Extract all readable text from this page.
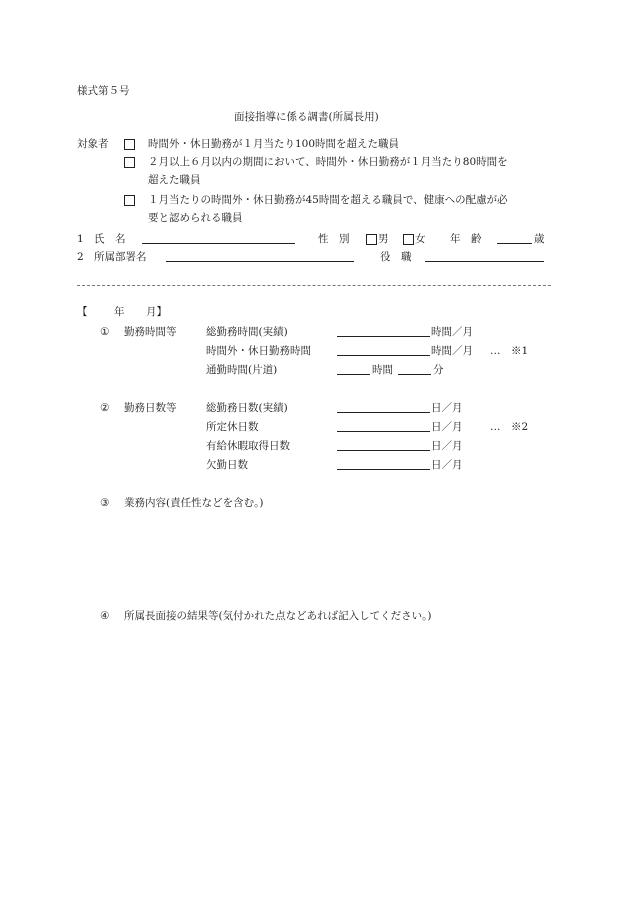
様式第５号
面接指導に係る調書(所属長用)
対象者	時間外・休日勤務が１月当たり100時間を超えた職員
２月以上６月以内の期間において、時間外・休日勤務が１月当たり80時間を
超えた職員
１月当たりの時間外・休日勤務が45時間を超える職員で、健康への配慮が必
要と認められる職員
1 氏　名	性　別	男	女 年　齢	歳
2 所属部署名	役　職
【	年 月】
① 勤務時間等	総勤務時間(実績)	時間／月
時間外・休日勤務時間	時間／月 …　※1
通勤時間(片道)	時間	分
② 勤務日数等	総勤務日数(実績)	日／月
所定休日数	日／月	…　※2
有給休暇取得日数	日／月
欠勤日数	日／月
③ 業務内容(責任性などを含む。)
④ 所属長面接の結果等(気付かれた点などあれば記入してください。)
